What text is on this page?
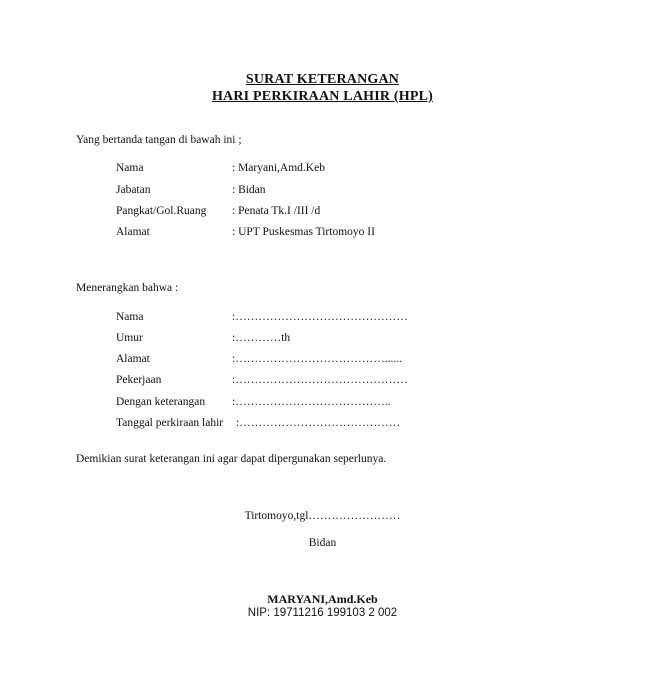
SURAT KETERANGAN
HARI PERKIRAAN LAHIR (HPL)
Yang bertanda tangan di bawah ini ;
Nama	: Maryani,Amd.Keb
Jabatan	: Bidan
Pangkat/Gol.Ruang : Penata Tk.I /III /d
Alamat	: UPT Puskesmas Tirtomoyo II
Menerangkan bahwa :
Nama	:………………………………………
Umur	:…………th
Alamat	:…………………………………......
Pekerjaan	:………………………………………
Dengan keterangan :…………………………………..
Tanggal perkiraan lahir :……………………………………
Demikian surat keterangan ini agar dapat dipergunakan seperlunya.
Tirtomoyo,tgl……………………
Bidan
MARYANI,Amd.Keb
NIP: 19711216 199103 2 002
